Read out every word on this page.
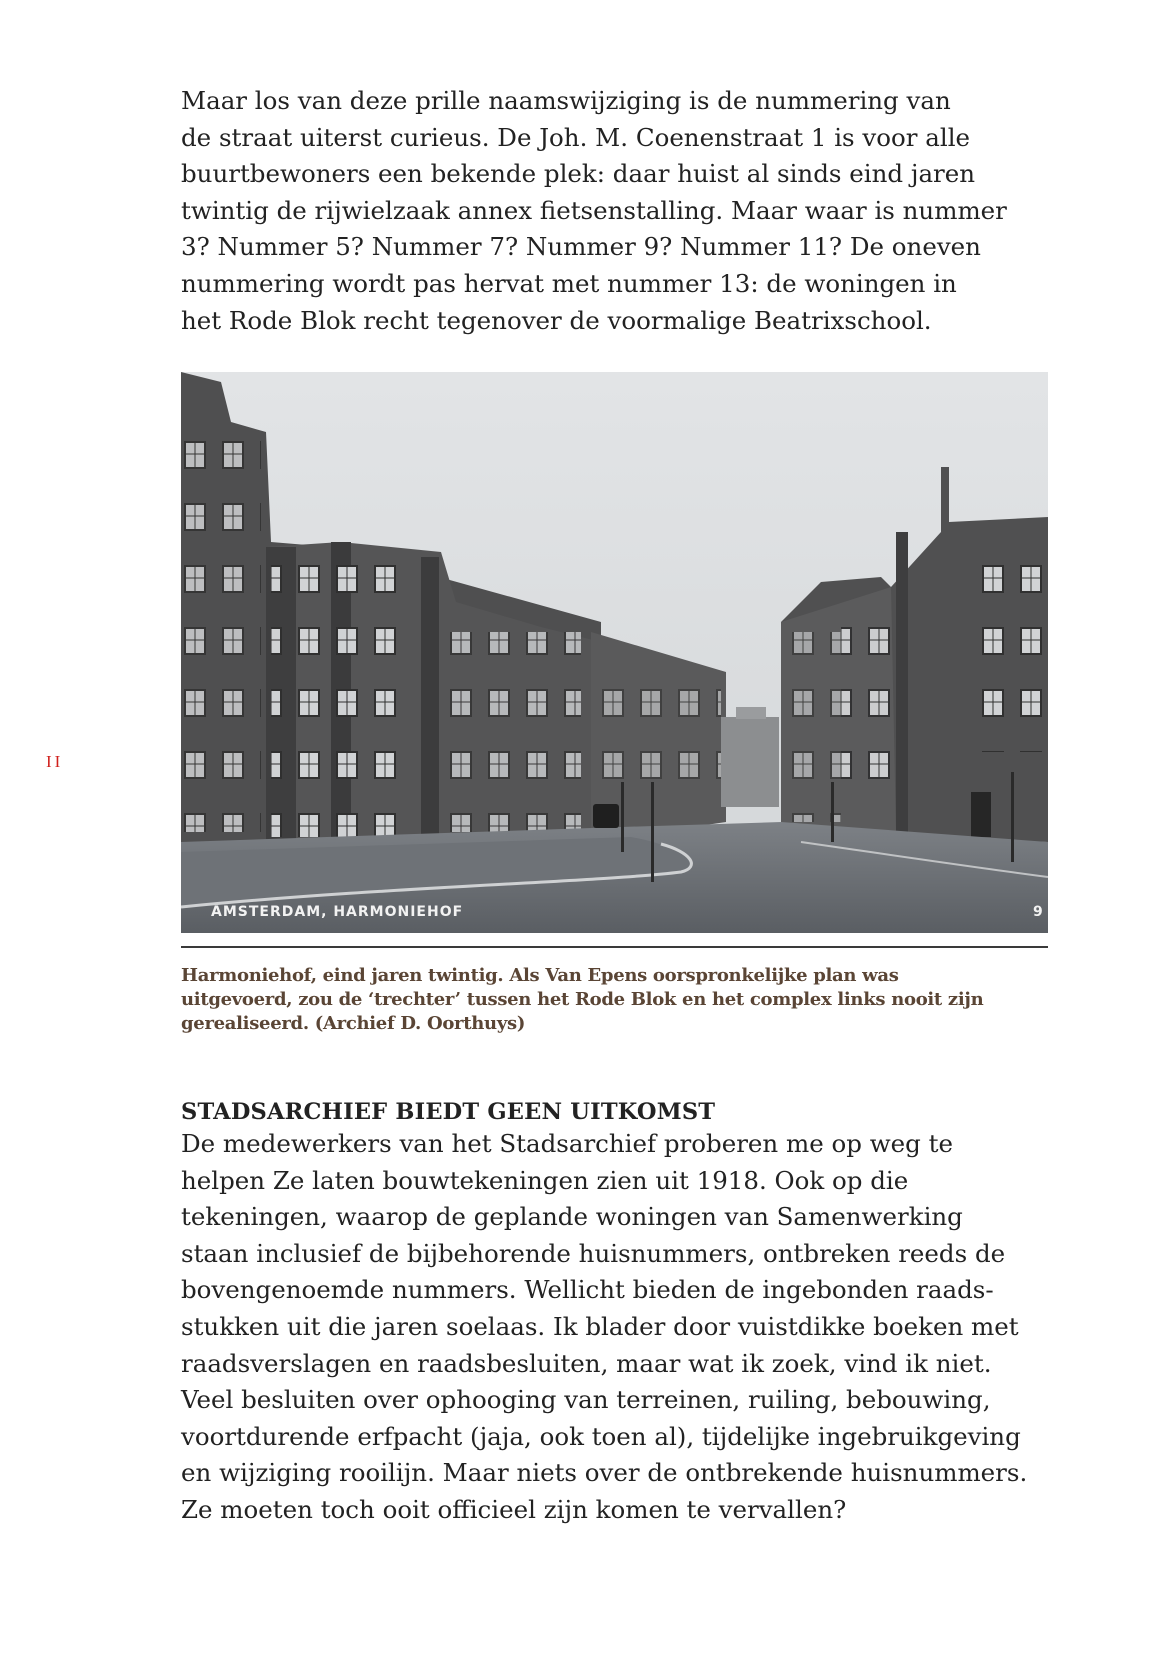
II
Maar los van deze prille naamswijziging is de nummering van
de straat uiterst curieus. De Joh. M. Coenenstraat 1 is voor alle
buurtbewoners een bekende plek: daar huist al sinds eind jaren
twintig de rijwielzaak annex fietsenstalling. Maar waar is nummer
3? Nummer 5? Nummer 7? Nummer 9? Nummer 11? De oneven
nummering wordt pas hervat met nummer 13: de woningen in
het Rode Blok recht tegenover de voormalige Beatrixschool.
AMSTERDAM, HARMONIEHOF	9
Harmoniehof, eind jaren twintig. Als Van Epens oorspronkelijke plan was
uitgevoerd, zou de ‘trechter’ tussen het Rode Blok en het complex links nooit zijn
gerealiseerd. (Archief D. Oorthuys)
STADSARCHIEF BIEDT GEEN UITKOMST
De medewerkers van het Stadsarchief proberen me op weg te
helpen Ze laten bouwtekeningen zien uit 1918. Ook op die
tekeningen, waarop de geplande woningen van Samenwerking
staan inclusief de bijbehorende huisnummers, ontbreken reeds de
bovengenoemde nummers. Wellicht bieden de ingebonden raads-
stukken uit die jaren soelaas. Ik blader door vuistdikke boeken met
raadsverslagen en raadsbesluiten, maar wat ik zoek, vind ik niet.
Veel besluiten over ophooging van terreinen, ruiling, bebouwing,
voortdurende erfpacht (jaja, ook toen al), tijdelijke ingebruikgeving
en wijziging rooilijn. Maar niets over de ontbrekende huisnummers.
Ze moeten toch ooit officieel zijn komen te vervallen?
